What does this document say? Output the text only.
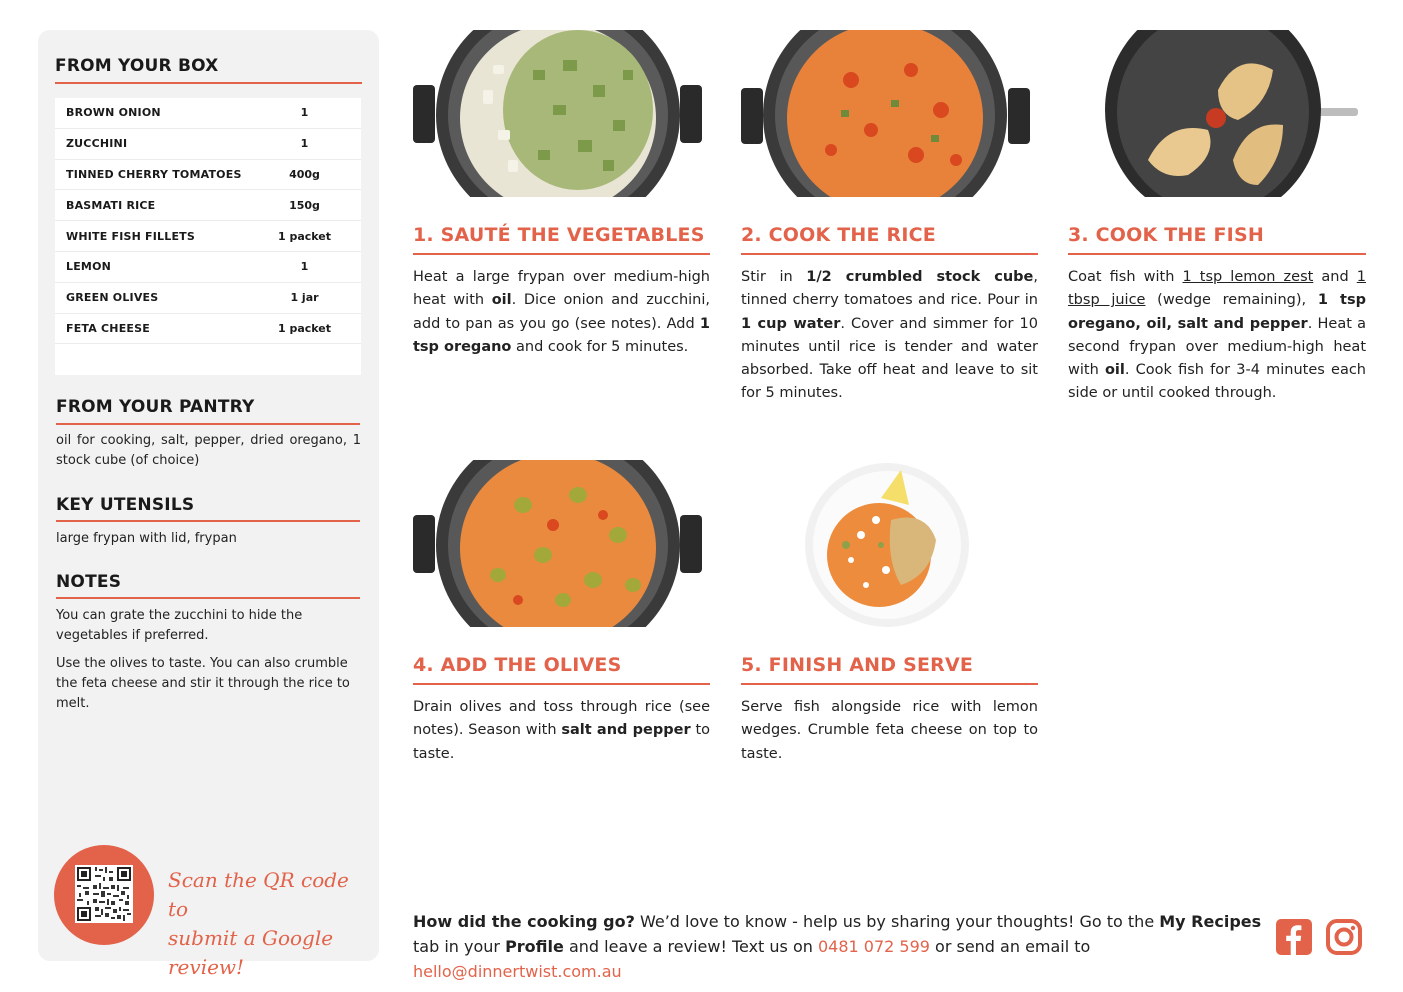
FROM YOUR BOX
BROWN ONION	1
ZUCCHINI	1
TINNED CHERRY TOMATOES	400g
BASMATI RICE	150g
WHITE FISH FILLETS	1 packet
LEMON	1
GREEN OLIVES	1 jar
FETA CHEESE	1 packet
FROM YOUR PANTRY
oil for cooking, salt, pepper, dried oregano, 1 stock cube (of choice)
KEY UTENSILS
large frypan with lid, frypan
NOTES
You can grate the zucchini to hide the vegetables if preferred.
Use the olives to taste. You can also crumble the feta cheese and stir it through the rice to melt.
Scan the QR code to
submit a Google review!
1. SAUTÉ THE VEGETABLES
Heat a large frypan over medium-high heat with oil. Dice onion and zucchini, add to pan as you go (see notes). Add 1 tsp oregano and cook for 5 minutes.
2. COOK THE RICE
Stir in 1/2 crumbled stock cube, tinned cherry tomatoes and rice. Pour in 1 cup water. Cover and simmer for 10 minutes until rice is tender and water absorbed. Take off heat and leave to sit for 5 minutes.
3. COOK THE FISH
Coat fish with 1 tsp lemon zest and 1 tbsp juice (wedge remaining), 1 tsp oregano, oil, salt and pepper. Heat a second frypan over medium-high heat with oil. Cook fish for 3-4 minutes each side or until cooked through.
4. ADD THE OLIVES
Drain olives and toss through rice (see notes). Season with salt and pepper to taste.
5. FINISH AND SERVE
Serve fish alongside rice with lemon wedges. Crumble feta cheese on top to taste.
How did the cooking go? We’d love to know - help us by sharing your thoughts! Go to the My Recipes tab in your Profile and leave a review! Text us on 0481 072 599 or send an email to hello@dinnertwist.com.au
